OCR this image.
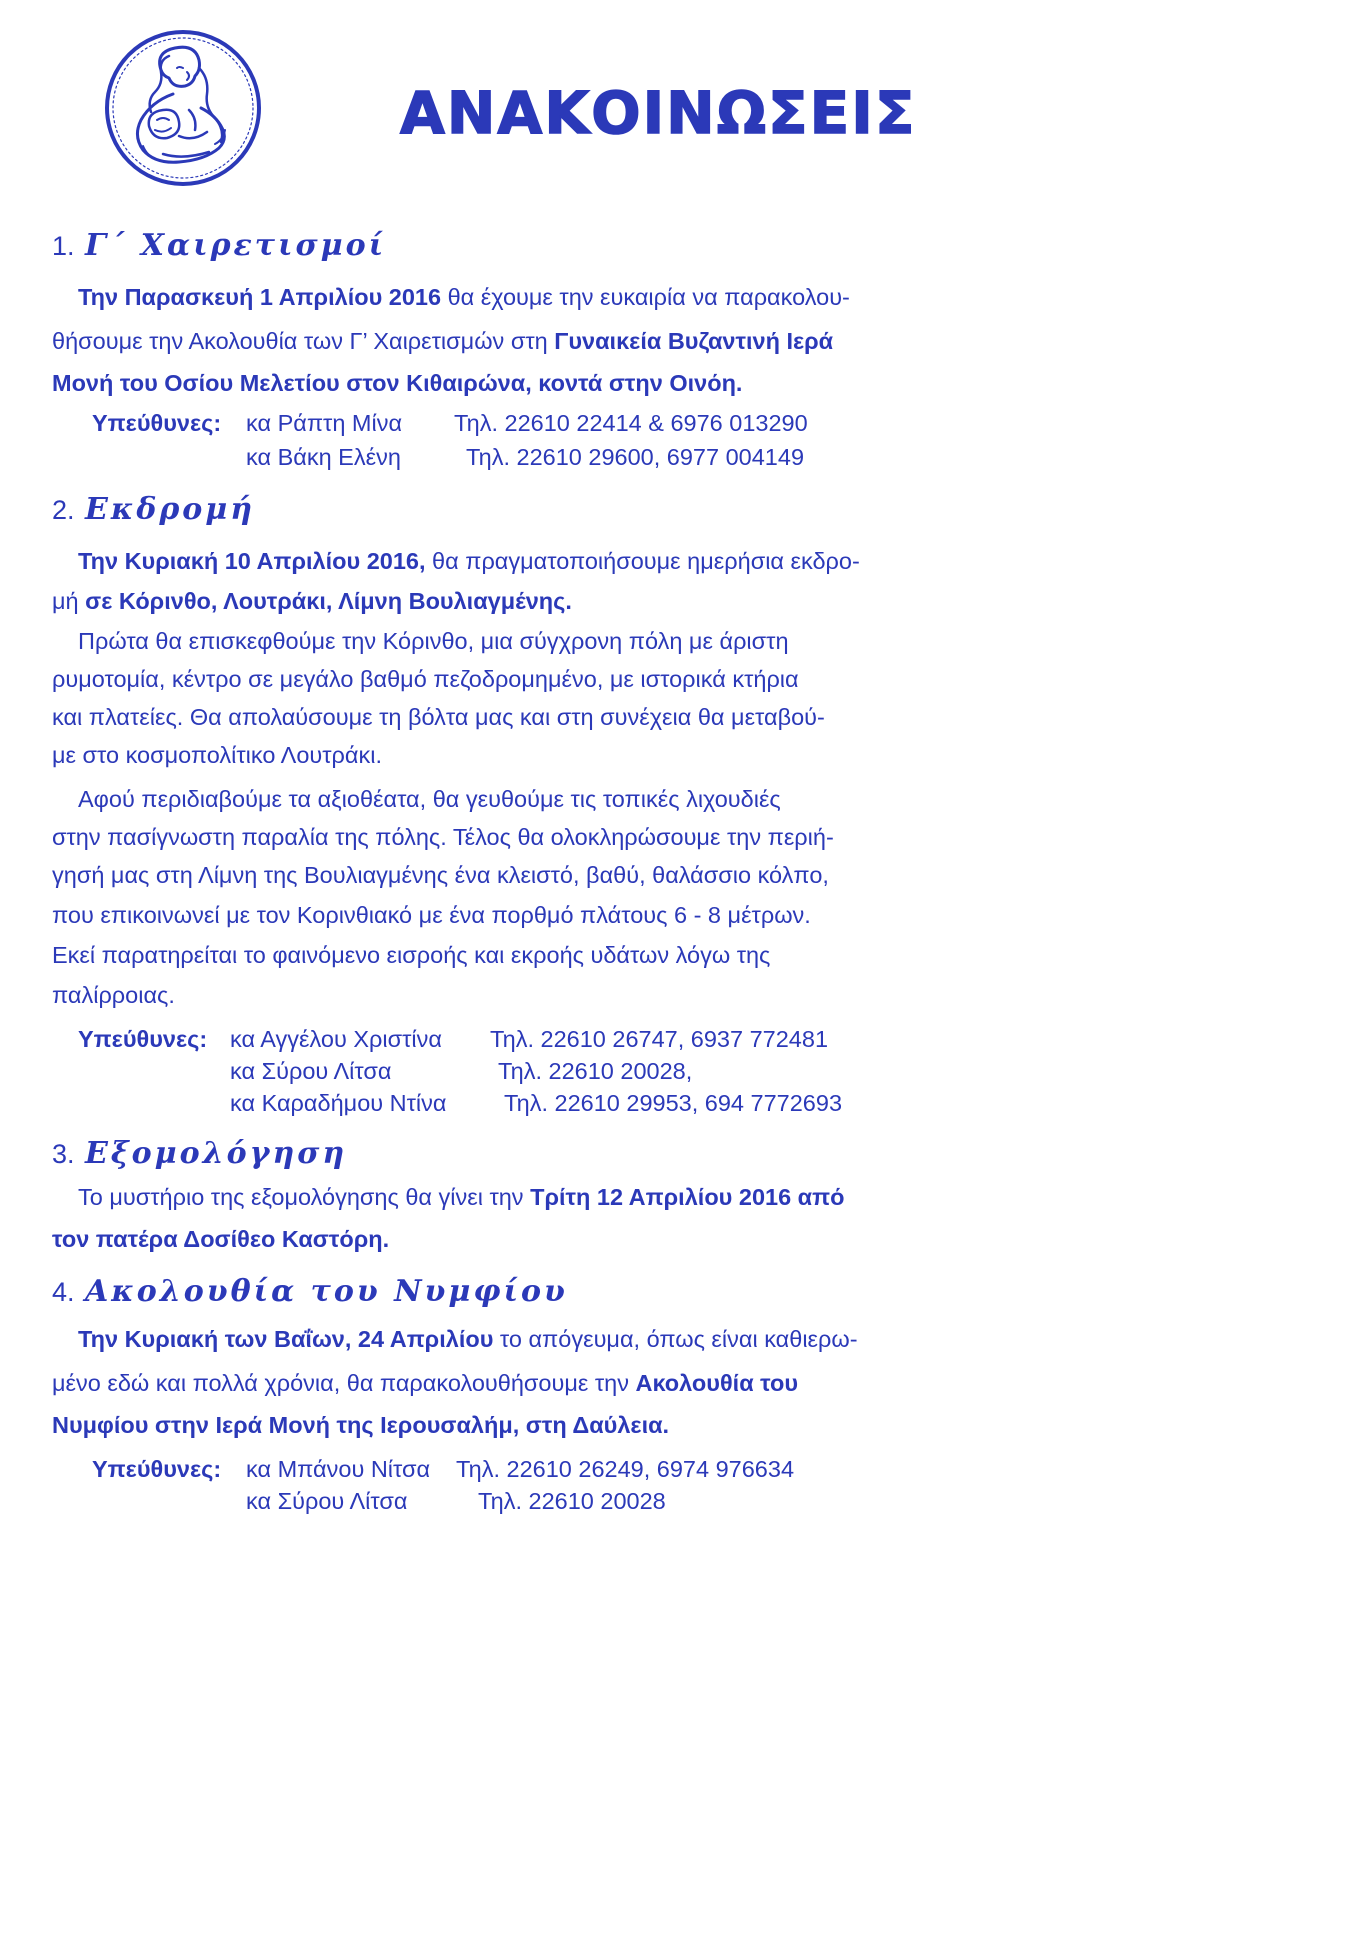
ΑΝΑΚΟΙΝΩΣΕΙΣ
1. Γ΄ Χαιρετισμοί
Την Παρασκευή 1 Απριλίου 2016 θα έχουμε την ευκαιρία να παρακολου-
θήσουμε την Ακολουθία των Γ’ Χαιρετισμών στη Γυναικεία Βυζαντινή Ιερά
Μονή του Οσίου Μελετίου στον Κιθαιρώνα, κοντά στην Οινόη.
Υπεύθυνες: κα Ράπτη Μίνα Τηλ. 22610 22414 & 6976 013290
κα Βάκη Ελένη	Τηλ. 22610 29600, 6977 004149
2. Εκδρομή
Την Κυριακή 10 Απριλίου 2016, θα πραγματοποιήσουμε ημερήσια εκδρο-
μή σε Κόρινθο, Λουτράκι, Λίμνη Βουλιαγμένης.
Πρώτα θα επισκεφθούμε την Κόρινθο, μια σύγχρονη πόλη με άριστη
ρυμοτομία, κέντρο σε μεγάλο βαθμό πεζοδρομημένο, με ιστορικά κτήρια
και πλατείες. Θα απολαύσουμε τη βόλτα μας και στη συνέχεια θα μεταβού-
με στο κοσμοπολίτικο Λουτράκι.
Αφού περιδιαβούμε τα αξιοθέατα, θα γευθούμε τις τοπικές λιχουδιές
στην πασίγνωστη παραλία της πόλης. Τέλος θα ολοκληρώσουμε την περιή-
γησή μας στη Λίμνη της Βουλιαγμένης ένα κλειστό, βαθύ, θαλάσσιο κόλπο,
που επικοινωνεί με τον Κορινθιακό με ένα πορθμό πλάτους 6 - 8 μέτρων.
Εκεί παρατηρείται το φαινόμενο εισροής και εκροής υδάτων λόγω της
παλίρροιας.
Υπεύθυνες: κα Αγγέλου Χριστίνα Τηλ. 22610 26747, 6937 772481
κα Σύρου Λίτσα	Τηλ. 22610 20028,
κα Καραδήμου Ντίνα Τηλ. 22610 29953, 694 7772693
3. Εξομολόγηση
Το μυστήριο της εξομολόγησης θα γίνει την Τρίτη 12 Απριλίου 2016 από
τον πατέρα Δοσίθεο Καστόρη.
4. Ακολουθία του Νυμφίου
Την Κυριακή των Βαΐων, 24 Απριλίου το απόγευμα, όπως είναι καθιερω-
μένο εδώ και πολλά χρόνια, θα παρακολουθήσουμε την Ακολουθία του
Νυμφίου στην Ιερά Μονή της Ιερουσαλήμ, στη Δαύλεια.
Υπεύθυνες: κα Μπάνου Νίτσα Τηλ. 22610 26249, 6974 976634
κα Σύρου Λίτσα	Τηλ. 22610 20028
